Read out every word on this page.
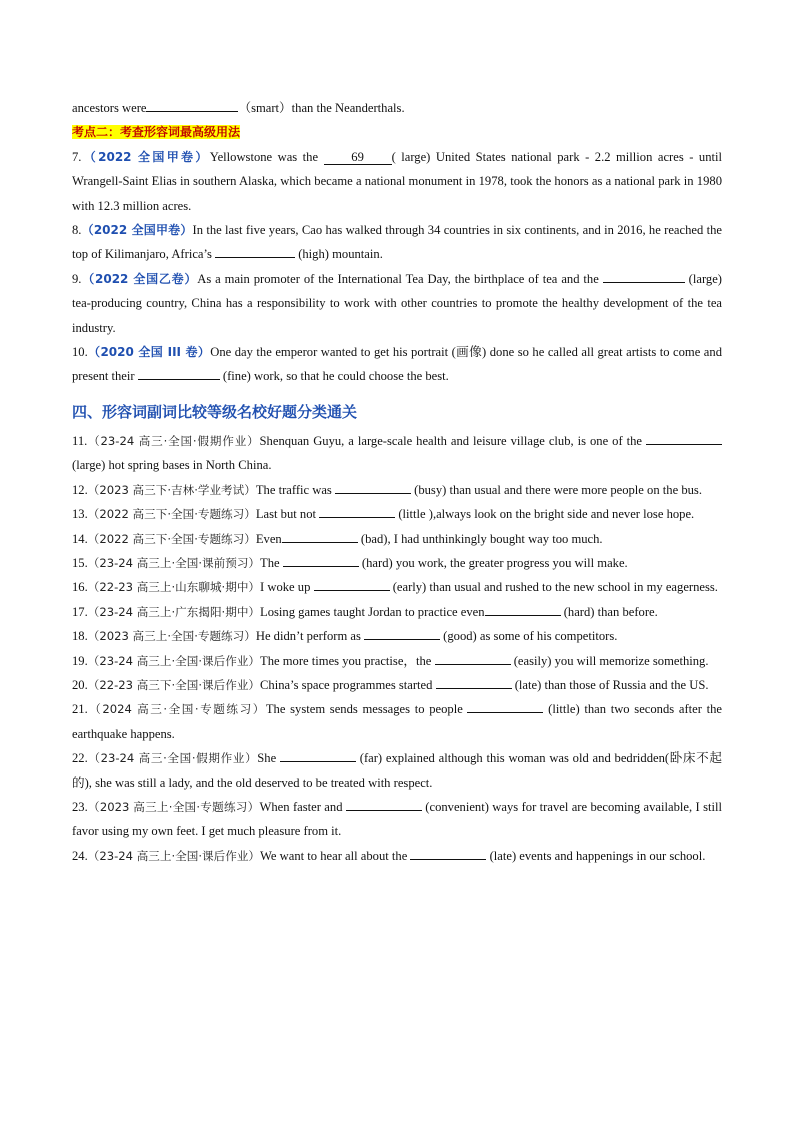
ancestors were	（smart）than the Neanderthals.
考点二：考查形容词最高级用法
7.（2022 全国甲卷）Yellowstone was the 69 ( large) United States national park - 2.2 million acres - until Wrangell-Saint Elias in southern Alaska, which became a national monument in 1978, took the honors as a national park in 1980 with 12.3 million acres.
8.（2022 全国甲卷）In the last five years, Cao has walked through 34 countries in six continents, and in 2016, he reached the top of Kilimanjaro, Africa’s	(high) mountain.
9.（2022 全国乙卷）As a main promoter of the International Tea Day, the birthplace of tea and the	(large) tea-producing country, China has a responsibility to work with other countries to promote the healthy development of the tea industry.
10.（2020 全国 III 卷）One day the emperor wanted to get his portrait (画像) done so he called all great artists to come and present their	(fine) work, so that he could choose the best.
四、形容词副词比较等级名校好题分类通关
11.（23-24 高三·全国·假期作业）Shenquan Guyu, a large-scale health and leisure village club, is one of the  (large) hot spring bases in North China.
12.（2023 高三下·吉林·学业考试）The traffic was	(busy) than usual and there were more people on the bus.
13.（2022 高三下·全国·专题练习）Last but not	(little ),always look on the bright side and never lose hope.
14.（2022 高三下·全国·专题练习）Even	(bad), I had unthinkingly bought way too much.
15.（23-24 高三上·全国·课前预习）The	(hard) you work, the greater progress you will make.
16.（22-23 高三上·山东聊城·期中）I woke up	(early) than usual and rushed to the new school in my eagerness.
17.（23-24 高三上·广东揭阳·期中）Losing games taught Jordan to practice even	(hard) than before.
18.（2023 高三上·全国·专题练习）He didn’t perform as	(good) as some of his competitors.
19.（23-24 高三上·全国·课后作业）The more times you practise，the	(easily) you will memorize something.
20.（22-23 高三下·全国·课后作业）China’s space programmes started	(late) than those of Russia and the US.
21.（2024 高三·全国·专题练习）The system sends messages to people	(little) than two seconds after the earthquake happens.
22.（23-24 高三·全国·假期作业）She	(far) explained although this woman was old and bedridden(卧床不起的), she was still a lady, and the old deserved to be treated with respect.
23.（2023 高三上·全国·专题练习）When faster and	(convenient) ways for travel are becoming available, I still favor using my own feet. I get much pleasure from it.
24.（23-24 高三上·全国·课后作业）We want to hear all about the	(late) events and happenings in our school.
